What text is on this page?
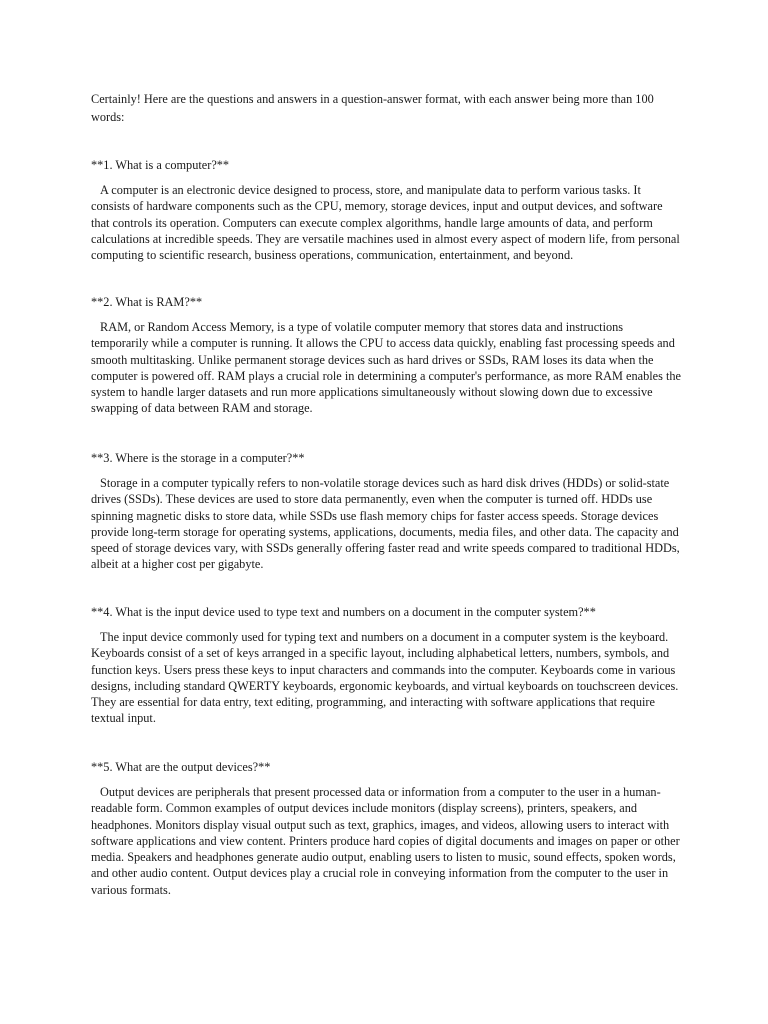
Certainly! Here are the questions and answers in a question-answer format, with each answer being more than 100 words:

**1. What is a computer?**

A computer is an electronic device designed to process, store, and manipulate data to perform various tasks. It consists of hardware components such as the CPU, memory, storage devices, input and output devices, and software that controls its operation. Computers can execute complex algorithms, handle large amounts of data, and perform calculations at incredible speeds. They are versatile machines used in almost every aspect of modern life, from personal computing to scientific research, business operations, communication, entertainment, and beyond.

**2. What is RAM?**

RAM, or Random Access Memory, is a type of volatile computer memory that stores data and instructions temporarily while a computer is running. It allows the CPU to access data quickly, enabling fast processing speeds and smooth multitasking. Unlike permanent storage devices such as hard drives or SSDs, RAM loses its data when the computer is powered off. RAM plays a crucial role in determining a computer's performance, as more RAM enables the system to handle larger datasets and run more applications simultaneously without slowing down due to excessive swapping of data between RAM and storage.

**3. Where is the storage in a computer?**

Storage in a computer typically refers to non-volatile storage devices such as hard disk drives (HDDs) or solid-state drives (SSDs). These devices are used to store data permanently, even when the computer is turned off. HDDs use spinning magnetic disks to store data, while SSDs use flash memory chips for faster access speeds. Storage devices provide long-term storage for operating systems, applications, documents, media files, and other data. The capacity and speed of storage devices vary, with SSDs generally offering faster read and write speeds compared to traditional HDDs, albeit at a higher cost per gigabyte.

**4. What is the input device used to type text and numbers on a document in the computer system?**

The input device commonly used for typing text and numbers on a document in a computer system is the keyboard. Keyboards consist of a set of keys arranged in a specific layout, including alphabetical letters, numbers, symbols, and function keys. Users press these keys to input characters and commands into the computer. Keyboards come in various designs, including standard QWERTY keyboards, ergonomic keyboards, and virtual keyboards on touchscreen devices. They are essential for data entry, text editing, programming, and interacting with software applications that require textual input.

**5. What are the output devices?**

Output devices are peripherals that present processed data or information from a computer to the user in a human-readable form. Common examples of output devices include monitors (display screens), printers, speakers, and headphones. Monitors display visual output such as text, graphics, images, and videos, allowing users to interact with software applications and view content. Printers produce hard copies of digital documents and images on paper or other media. Speakers and headphones generate audio output, enabling users to listen to music, sound effects, spoken words, and other audio content. Output devices play a crucial role in conveying information from the computer to the user in various formats.
